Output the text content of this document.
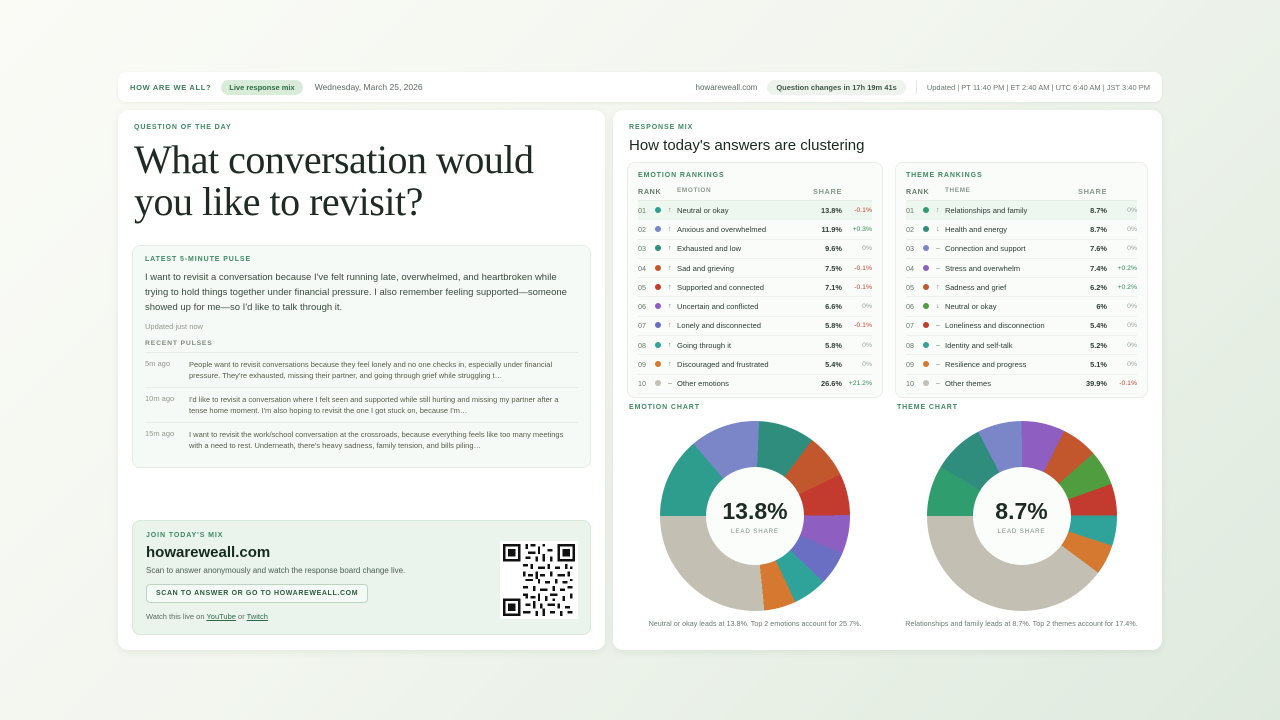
HOW ARE WE ALL?	Live response mix	Wednesday, March 25, 2026	howareweall.com	Question changes in 17h 19m 41s	Updated | PT 11:40 PM | ET 2:40 AM | UTC 6:40 AM | JST 3:40 PM
QUESTION OF THE DAY
What conversation would you like to revisit?
LATEST 5-MINUTE PULSE
I want to revisit a conversation because I've felt running late, overwhelmed, and heartbroken while trying to hold things together under financial pressure. I also remember feeling supported—someone showed up for me—so I'd like to talk through it.
Updated just now
RECENT PULSES
5m ago	People want to revisit conversations because they feel lonely and no one checks in, especially under financial pressure. They're exhausted, missing their partner, and going through grief while struggling t…
10m ago	I'd like to revisit a conversation where I felt seen and supported while still hurting and missing my partner after a tense home moment. I'm also hoping to revisit the one I got stuck on, because I'm…
15m ago	I want to revisit the work/school conversation at the crossroads, because everything feels like too many meetings with a need to rest. Underneath, there's heavy sadness, family tension, and bills piling…
JOIN TODAY'S MIX
howareweall.com
Scan to answer anonymously and watch the response board change live.
SCAN TO ANSWER OR GO TO HOWAREWEALL.COM
Watch this live on YouTube or Twitch
RESPONSE MIX
How today's answers are clustering
EMOTION RANKINGS
RANK EMOTION	SHARE
01	↑ Neutral or okay	13.8%	-0.1%
02	↑ Anxious and overwhelmed	11.9%	+0.3%
03	↑ Exhausted and low	9.6%	0%
04	↑ Sad and grieving	7.5%	-0.1%
05	↑ Supported and connected	7.1%	-0.1%
06	↑ Uncertain and conflicted	6.6%	0%
07	↑ Lonely and disconnected	5.8%	-0.1%
08	↑ Going through it	5.8%	0%
09	↑ Discouraged and frustrated	5.4%	0%
10	– Other emotions	26.6% +21.2%
THEME RANKINGS
RANK THEME	SHARE
01	↑ Relationships and family	8.7%	0%
02	↓ Health and energy	8.7%	0%
03	– Connection and support	7.6%	0%
04	– Stress and overwhelm	7.4%	+0.2%
05	↑ Sadness and grief	6.2%	+0.2%
06	↓ Neutral or okay	6%	0%
07	– Loneliness and disconnection	5.4%	0%
08	– Identity and self-talk	5.2%	0%
09	– Resilience and progress	5.1%	0%
10	– Other themes	39.9%	-0.1%
EMOTION CHART
13.8%
LEAD SHARE
Neutral or okay leads at 13.8%. Top 2 emotions account for 25.7%.
THEME CHART
8.7%
LEAD SHARE
Relationships and family leads at 8.7%. Top 2 themes account for 17.4%.
